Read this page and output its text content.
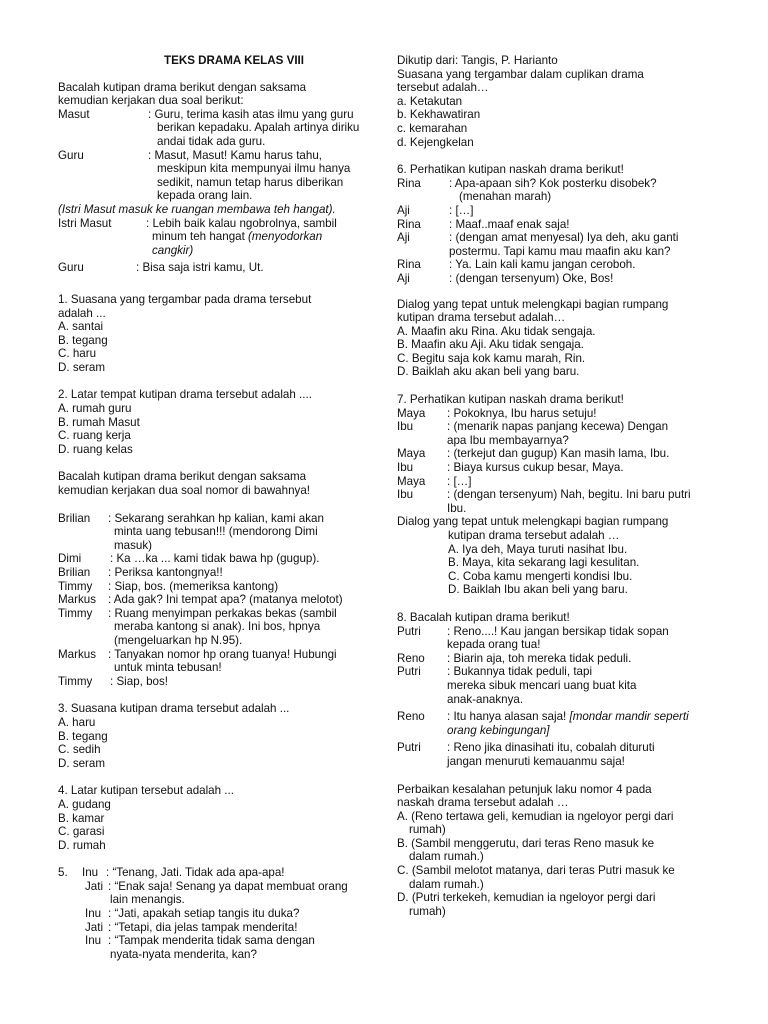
TEKS DRAMA KELAS VIII

Bacalah kutipan drama berikut dengan saksama

kemudian kerjakan dua soal berikut:

Masut	: Guru, terima kasih atas ilmu yang guru

berikan kepadaku. Apalah artinya diriku

andai tidak ada guru.

Guru	: Masut, Masut! Kamu harus tahu,

meskipun kita mempunyai ilmu hanya

sedikit, namun tetap harus diberikan

kepada orang lain.

(Istri Masut masuk ke ruangan membawa teh hangat).

Istri Masut	: Lebih baik kalau ngobrolnya, sambil

minum teh hangat (menyodorkan

cangkir)

Guru	: Bisa saja istri kamu, Ut.

1. Suasana yang tergambar pada drama tersebut

adalah ...

A. santai

B. tegang

C. haru

D. seram

2. Latar tempat kutipan drama tersebut adalah ....

A. rumah guru

B. rumah Masut

C. ruang kerja

D. ruang kelas

Bacalah kutipan drama berikut dengan saksama

kemudian kerjakan dua soal nomor di bawahnya!

Brilian	: Sekarang serahkan hp kalian, kami akan

minta uang tebusan!!! (mendorong Dimi

masuk)

Dimi	: Ka …ka ... kami tidak bawa hp (gugup).
Brilian	: Periksa kantongnya!!
Timmy	: Siap, bos. (memeriksa kantong)
Markus	: Ada gak? Ini tempat apa? (matanya melotot)
Timmy	: Ruang menyimpan perkakas bekas (sambil

meraba kantong si anak). Ini bos, hpnya

(mengeluarkan hp N.95).

Markus	: Tanyakan nomor hp orang tuanya! Hubungi

untuk minta tebusan!

Timmy	: Siap, bos!

3. Suasana kutipan drama tersebut adalah ...

A. haru

B. tegang

C. sedih

D. seram

4. Latar kutipan tersebut adalah ...

A. gudang

B. kamar

C. garasi

D. rumah

5.	Inu : “Tenang, Jati. Tidak ada apa-apa!
Jati : “Enak saja! Senang ya dapat membuat orang

lain menangis.

Inu : “Jati, apakah setiap tangis itu duka?
Jati : “Tetapi, dia jelas tampak menderita!
Inu : “Tampak menderita tidak sama dengan

nyata-nyata menderita, kan?

Dikutip dari: Tangis, P. Harianto

Suasana yang tergambar dalam cuplikan drama

tersebut adalah…

a. Ketakutan

b. Kekhawatiran

c. kemarahan

d. Kejengkelan

6. Perhatikan kutipan naskah drama berikut!

Rina	: Apa-apaan sih? Kok posterku disobek?

(menahan marah)

Aji	: […]
Rina	: Maaf..maaf enak saja!
Aji	: (dengan amat menyesal) Iya deh, aku ganti

postermu. Tapi kamu mau maafin aku kan?

Rina	: Ya. Lain kali kamu jangan ceroboh.
Aji	: (dengan tersenyum) Oke, Bos!

Dialog yang tepat untuk melengkapi bagian rumpang

kutipan drama tersebut adalah…

A. Maafin aku Rina. Aku tidak sengaja.

B. Maafin aku Aji. Aku tidak sengaja.

C. Begitu saja kok kamu marah, Rin.

D. Baiklah aku akan beli yang baru.

7. Perhatikan kutipan naskah drama berikut!

Maya	: Pokoknya, Ibu harus setuju!
Ibu	: (menarik napas panjang kecewa) Dengan

apa Ibu membayarnya?

Maya	: (terkejut dan gugup) Kan masih lama, Ibu.
Ibu	: Biaya kursus cukup besar, Maya.
Maya	: […]
Ibu	: (dengan tersenyum) Nah, begitu. Ini baru putri

Ibu.

Dialog yang tepat untuk melengkapi bagian rumpang

kutipan drama tersebut adalah …

A. Iya deh, Maya turuti nasihat Ibu.

B. Maya, kita sekarang lagi kesulitan.

C. Coba kamu mengerti kondisi Ibu.

D. Baiklah Ibu akan beli yang baru.

8. Bacalah kutipan drama berikut!

Putri	: Reno....! Kau jangan bersikap tidak sopan

kepada orang tua!

Reno	: Biarin aja, toh mereka tidak peduli.
Putri	: Bukannya tidak peduli, tapi

mereka sibuk mencari uang buat kita

anak-anaknya.

Reno	: Itu hanya alasan saja! [mondar mandir seperti

orang kebingungan]

Putri	: Reno jika dinasihati itu, cobalah dituruti

jangan menuruti kemauanmu saja!

Perbaikan kesalahan petunjuk laku nomor 4 pada

naskah drama tersebut adalah …

A. (Reno tertawa geli, kemudian ia ngeloyor pergi dari

rumah)

B. (Sambil menggerutu, dari teras Reno masuk ke

dalam rumah.)

C. (Sambil melotot matanya, dari teras Putri masuk ke

dalam rumah.)

D. (Putri terkekeh, kemudian ia ngeloyor pergi dari

rumah)
